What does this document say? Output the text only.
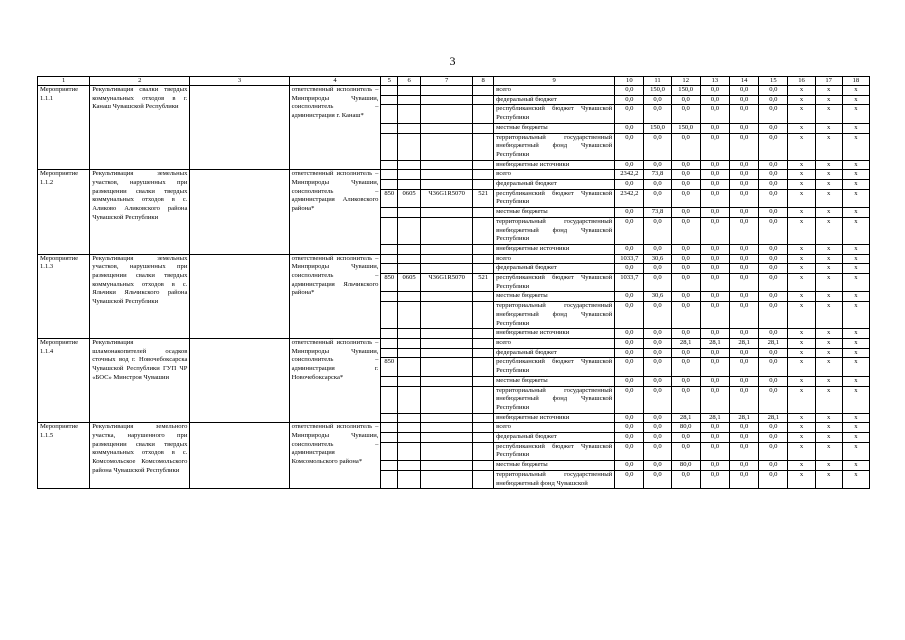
3
1	2	3	4	5	6	7	8	9	10	11	12	13	14	15	16	17	18
Мероприятие 1.1.1	Рекультивация свалки твердых коммунальных отходов в г. Канаш Чувашской Республики		ответственный исполнитель – Минприроды Чувашии, соисполнитель – администрация г. Канаш*					всего	0,0	150,0	150,0	0,0	0,0	0,0	x	x	x
								федеральный бюджет	0,0	0,0	0,0	0,0	0,0	0,0	x	x	x
								республиканский бюджет Чувашской Республики	0,0	0,0	0,0	0,0	0,0	0,0	x	x	x
								местные бюджеты	0,0	150,0	150,0	0,0	0,0	0,0	x	x	x
								территориальный государственный внебюджетный фонд Чувашской Республики	0,0	0,0	0,0	0,0	0,0	0,0	x	x	x
								внебюджетные источники	0,0	0,0	0,0	0,0	0,0	0,0	x	x	x
Мероприятие 1.1.2	Рекультивация земельных участков, нарушенных при размещении свалки твердых коммунальных отходов в с. Аликово Аликовского района Чувашской Республики		ответственный исполнитель – Минприроды Чувашии, соисполнитель – администрация Аликовского района*					всего	2342,2	73,8	0,0	0,0	0,0	0,0	x	x	x
								федеральный бюджет	0,0	0,0	0,0	0,0	0,0	0,0	x	x	x
				850	0605	Ч36G1R5070	521	республиканский бюджет Чувашской Республики	2342,2	0,0	0,0	0,0	0,0	0,0	x	x	x
								местные бюджеты	0,0	73,8	0,0	0,0	0,0	0,0	x	x	x
								территориальный государственный внебюджетный фонд Чувашской Республики	0,0	0,0	0,0	0,0	0,0	0,0	x	x	x
								внебюджетные источники	0,0	0,0	0,0	0,0	0,0	0,0	x	x	x
Мероприятие 1.1.3	Рекультивация земельных участков, нарушенных при размещении свалки твердых коммунальных отходов в с. Яльчики Яльчикского района Чувашской Республики		ответственный исполнитель – Минприроды Чувашии, соисполнитель – администрация Яльчикского района*					всего	1033,7	30,6	0,0	0,0	0,0	0,0	x	x	x
								федеральный бюджет	0,0	0,0	0,0	0,0	0,0	0,0	x	x	x
				850	0605	Ч36G1R5070	521	республиканский бюджет Чувашской Республики	1033,7	0,0	0,0	0,0	0,0	0,0	x	x	x
								местные бюджеты	0,0	30,6	0,0	0,0	0,0	0,0	x	x	x
								территориальный государственный внебюджетный фонд Чувашской Республики	0,0	0,0	0,0	0,0	0,0	0,0	x	x	x
								внебюджетные источники	0,0	0,0	0,0	0,0	0,0	0,0	x	x	x
Мероприятие 1.1.4	Рекультивация шламонакопителей осадков сточных вод г. Новочебоксарска Чувашской Республики ГУП ЧР «БОС» Минстроя Чувашии		ответственный исполнитель – Минприроды Чувашии, соисполнитель – администрация г. Новочебоксарска*					всего	0,0	0,0	28,1	28,1	28,1	28,1	x	x	x
								федеральный бюджет	0,0	0,0	0,0	0,0	0,0	0,0	x	x	x
				850				республиканский бюджет Чувашской Республики	0,0	0,0	0,0	0,0	0,0	0,0	x	x	x
								местные бюджеты	0,0	0,0	0,0	0,0	0,0	0,0	x	x	x
								территориальный государственный внебюджетный фонд Чувашской Республики	0,0	0,0	0,0	0,0	0,0	0,0	x	x	x
								внебюджетные источники	0,0	0,0	28,1	28,1	28,1	28,1	x	x	x
Мероприятие 1.1.5	Рекультивация земельного участка, нарушенного при размещении свалки твердых коммунальных отходов в с. Комсомольское Комсомольского района Чувашской Республики		ответственный исполнитель – Минприроды Чувашии, соисполнитель – администрация Комсомольского района*					всего	0,0	0,0	80,0	0,0	0,0	0,0	x	x	x
								федеральный бюджет	0,0	0,0	0,0	0,0	0,0	0,0	x	x	x
								республиканский бюджет Чувашской Республики	0,0	0,0	0,0	0,0	0,0	0,0	x	x	x
								местные бюджеты	0,0	0,0	80,0	0,0	0,0	0,0	x	x	x
								территориальный государственный внебюджетный фонд Чувашской	0,0	0,0	0,0	0,0	0,0	0,0	x	x	x
